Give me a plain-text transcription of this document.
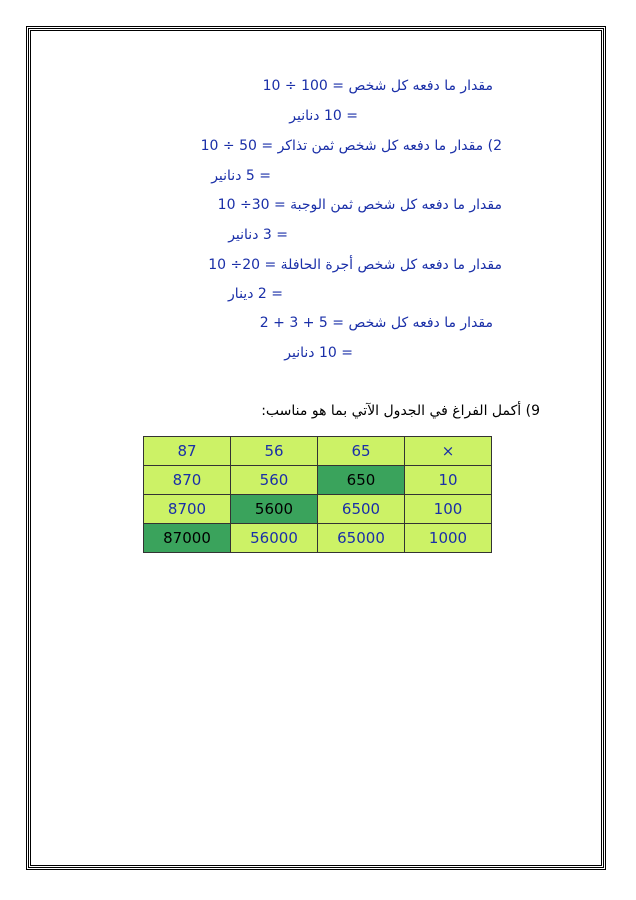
مقدار ما دفعه كل شخص = 100 ÷ 10
= 10 دنانير
2) مقدار ما دفعه كل شخص ثمن تذاكر = 50 ÷ 10
= 5 دنانير
مقدار ما دفعه كل شخص ثمن الوجبة = 30÷ 10
= 3 دنانير
مقدار ما دفعه كل شخص أجرة الحافلة = 20÷ 10
= 2 دينار
مقدار ما دفعه كل شخص = 5 + 3 + 2
= 10 دنانير
9) أكمل الفراغ في الجدول الآتي بما هو مناسب:
87	56	65	×
870	560	650	10
8700	5600	6500	100
87000	56000	65000	1000
